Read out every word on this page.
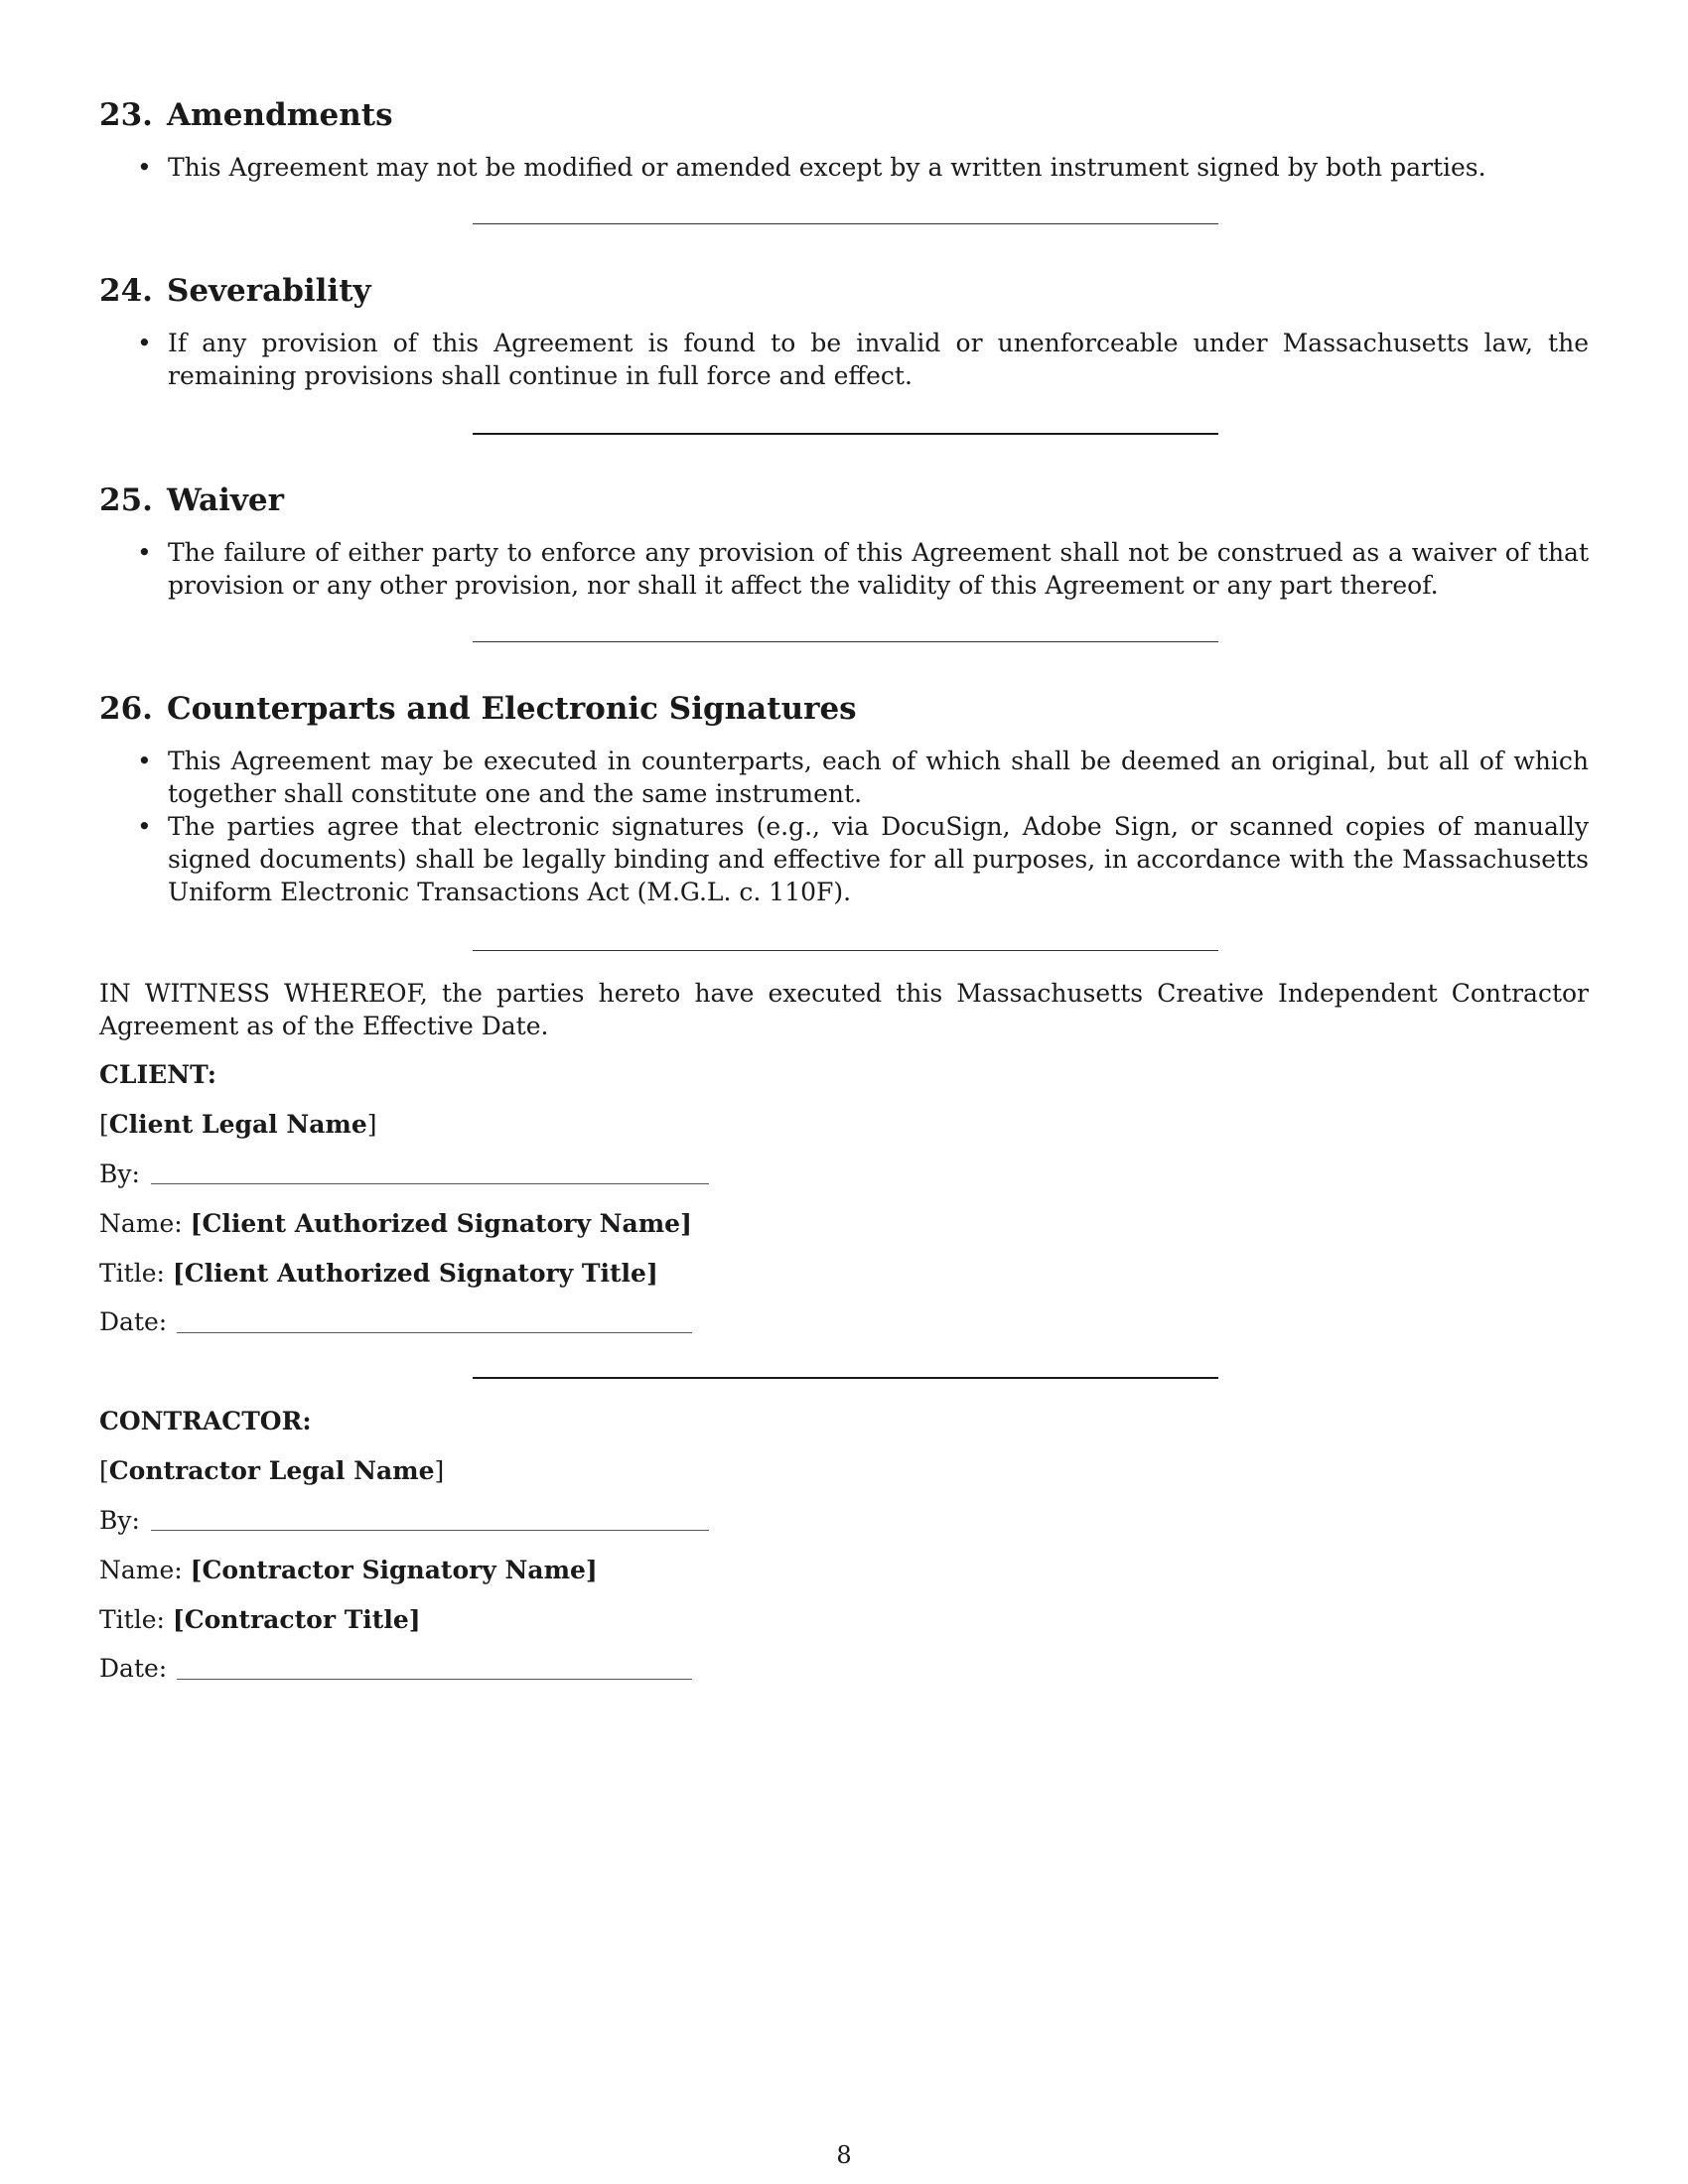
23. Amendments
• This Agreement may not be modified or amended except by a written instrument signed by both parties.
24. Severability
• If any provision of this Agreement is found to be invalid or unenforceable under Massachusetts law, the remaining provisions shall continue in full force and effect.
25. Waiver
• The failure of either party to enforce any provision of this Agreement shall not be construed as a waiver of that provision or any other provision, nor shall it affect the validity of this Agreement or any part thereof.
26. Counterparts and Electronic Signatures
• This Agreement may be executed in counterparts, each of which shall be deemed an original, but all of which together shall constitute one and the same instrument.
• The parties agree that electronic signatures (e.g., via DocuSign, Adobe Sign, or scanned copies of manually signed documents) shall be legally binding and effective for all purposes, in accordance with the Massachusetts Uniform Electronic Transactions Act (M.G.L. c. 110F).
IN WITNESS WHEREOF, the parties hereto have executed this Massachusetts Creative Independent Contractor Agreement as of the Effective Date.
CLIENT:
[Client Legal Name]
By:
Name: [Client Authorized Signatory Name]
Title: [Client Authorized Signatory Title]
Date:
CONTRACTOR:
[Contractor Legal Name]
By:
Name: [Contractor Signatory Name]
Title: [Contractor Title]
Date:
8
